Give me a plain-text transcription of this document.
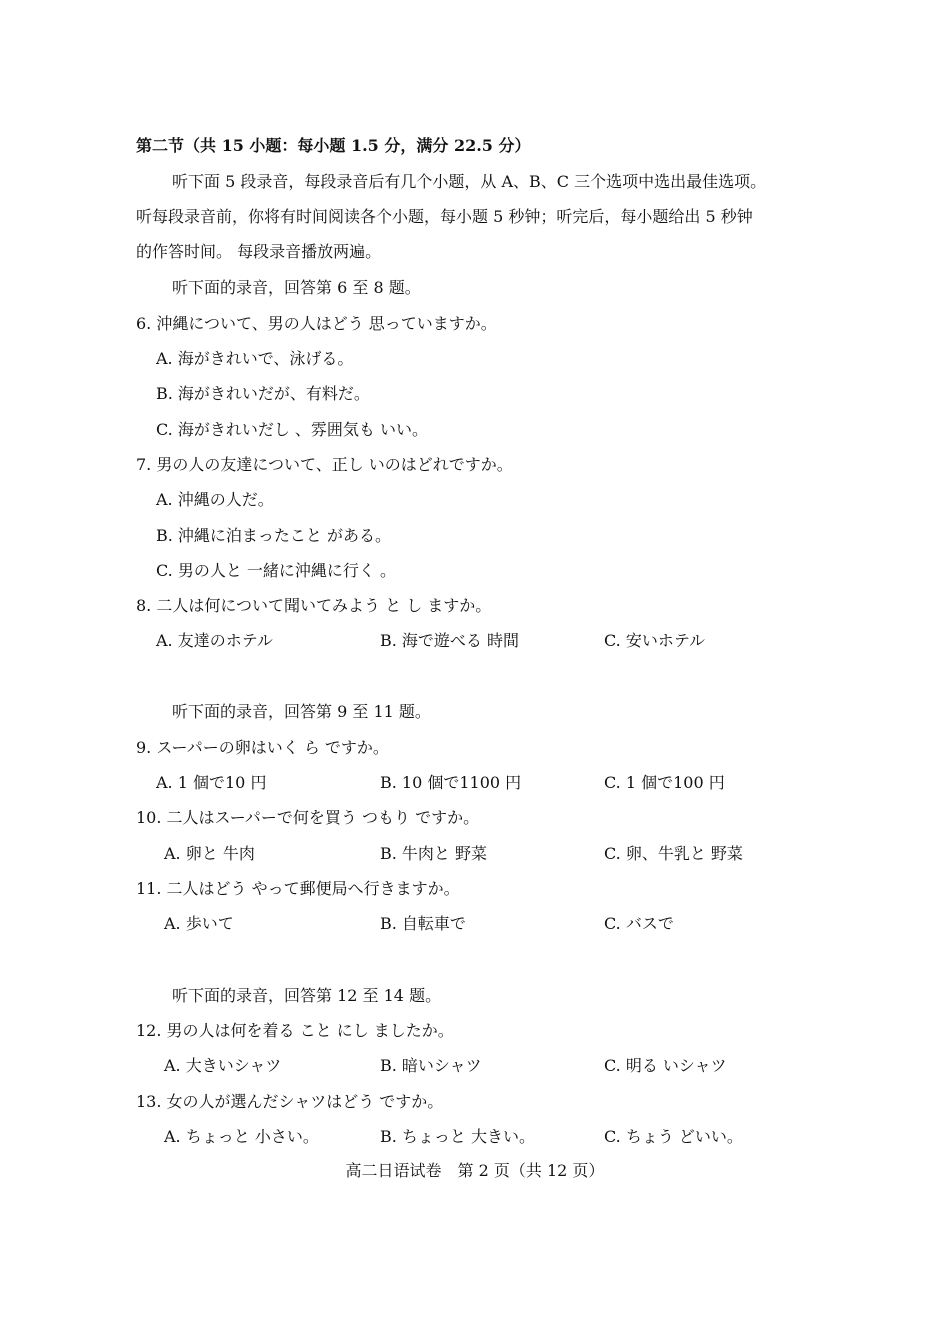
第二节（共 15 小题：每小题 1.5 分，满分 22.5 分）
听下面 5 段录音，每段录音后有几个小题，从 A、B、C 三个选项中选出最佳选项。
听每段录音前，你将有时间阅读各个小题，每小题 5 秒钟；听完后，每小题给出 5 秒钟
的作答时间。 每段录音播放两遍。
听下面的录音，回答第 6 至 8 题。
6. 沖縄について、男の人はどう 思っていますか。
A. 海がきれいで、泳げる。
B. 海がきれいだが、有料だ。
C. 海がきれいだし 、雰囲気も いい。
7. 男の人の友達について、正し いのはどれですか。
A. 沖縄の人だ。
B. 沖縄に泊まったこと がある。
C. 男の人と 一緒に沖縄に行く 。
8. 二人は何について聞いてみよう と し ますか。
A. 友達のホテル	B. 海で遊べる 時間	C. 安いホテル
听下面的录音，回答第 9 至 11 题。
9. スーパーの卵はいく ら ですか。
A. 1 個で10 円	B. 10 個で1100 円	C. 1 個で100 円
10. 二人はスーパーで何を買う つもり ですか。
A. 卵と 牛肉	B. 牛肉と 野菜	C. 卵、牛乳と 野菜
11. 二人はどう やって郵便局へ行きますか。
A. 歩いて	B. 自転車で	C. バスで
听下面的录音，回答第 12 至 14 题。
12. 男の人は何を着る こと にし ましたか。
A. 大きいシャツ	B. 暗いシャツ	C. 明る いシャツ
13. 女の人が選んだシャツはどう ですか。
A. ちょっと 小さい。	B. ちょっと 大きい。	C. ちょう どいい。
高二日语试卷　第 2 页（共 12 页）
